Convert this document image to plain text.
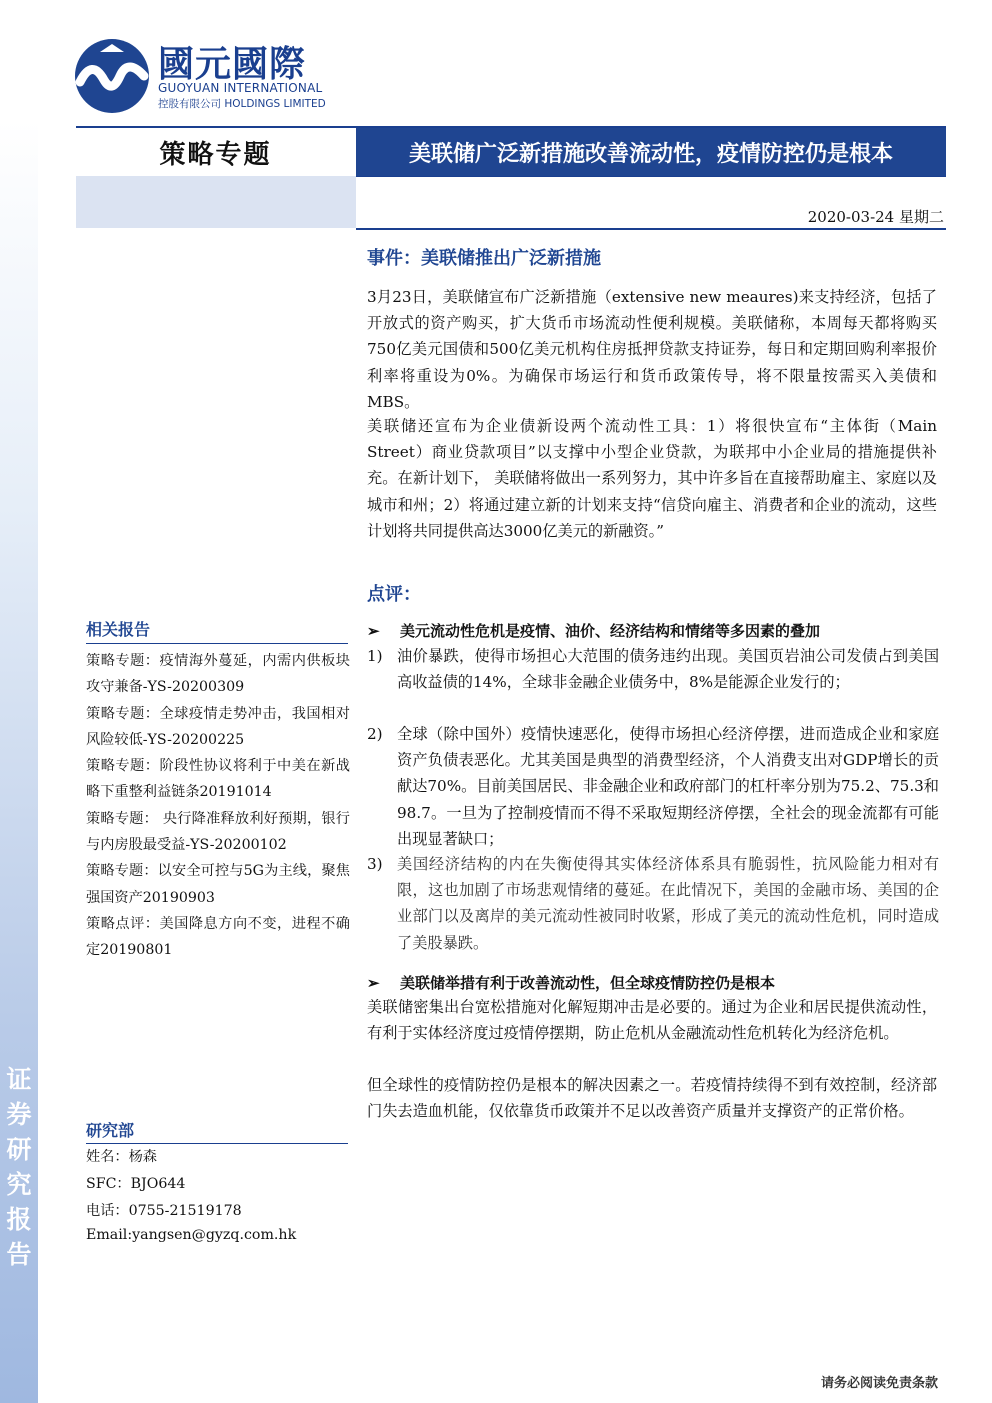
证券研究报告
國元國際
GUOYUAN INTERNATIONAL
控股有限公司 HOLDINGS LIMITED
策略专题	美联储广泛新措施改善流动性，疫情防控仍是根本
2020-03-24 星期二
事件：美联储推出广泛新措施

3月23日，美联储宣布广泛新措施（extensive new meaures)来支持经济，包括了开放式的资产购买，扩大货币市场流动性便利规模。美联储称，本周每天都将购买750亿美元国债和500亿美元机构住房抵押贷款支持证券，每日和定期回购利率报价利率将重设为0%。为确保市场运行和货币政策传导，将不限量按需买入美债和MBS。

美联储还宣布为企业债新设两个流动性工具：1）将很快宣布“主体街（Main Street）商业贷款项目”以支撑中小型企业贷款，为联邦中小企业局的措施提供补充。在新计划下， 美联储将做出一系列努力，其中许多旨在直接帮助雇主、家庭以及城市和州；2）将通过建立新的计划来支持“信贷向雇主、消费者和企业的流动，这些计划将共同提供高达3000亿美元的新融资。”

点评：
➢ 美元流动性危机是疫情、油价、经济结构和情绪等多因素的叠加
1) 油价暴跌，使得市场担心大范围的债务违约出现。美国页岩油公司发债占到美国高收益债的14%，全球非金融企业债务中，8%是能源企业发行的；

2) 全球（除中国外）疫情快速恶化，使得市场担心经济停摆，进而造成企业和家庭资产负债表恶化。尤其美国是典型的消费型经济，个人消费支出对GDP增长的贡献达70%。目前美国居民、非金融企业和政府部门的杠杆率分别为75.2、75.3和98.7。一旦为了控制疫情而不得不采取短期经济停摆，全社会的现金流都有可能出现显著缺口；

3) 美国经济结构的内在失衡使得其实体经济体系具有脆弱性，抗风险能力相对有限，这也加剧了市场悲观情绪的蔓延。在此情况下，美国的金融市场、美国的企业部门以及离岸的美元流动性被同时收紧，形成了美元的流动性危机，同时造成了美股暴跌。

➢ 美联储举措有利于改善流动性，但全球疫情防控仍是根本

美联储密集出台宽松措施对化解短期冲击是必要的。通过为企业和居民提供流动性，有利于实体经济度过疫情停摆期，防止危机从金融流动性危机转化为经济危机。

但全球性的疫情防控仍是根本的解决因素之一。若疫情持续得不到有效控制，经济部门失去造血机能，仅依靠货币政策并不足以改善资产质量并支撑资产的正常价格。

相关报告
策略专题：疫情海外蔓延，内需内供板块攻守兼备-YS-20200309
策略专题：全球疫情走势冲击，我国相对风险较低-YS-20200225
策略专题：阶段性协议将利于中美在新战略下重整利益链条20191014
策略专题： 央行降准释放利好预期，银行与内房股最受益-YS-20200102
策略专题：以安全可控与5G为主线，聚焦强国资产20190903
策略点评：美国降息方向不变，进程不确定20190801
研究部
姓名：杨森
SFC：BJO644
电话：0755-21519178
Email:yangsen@gyzq.com.hk
请务必阅读免责条款
